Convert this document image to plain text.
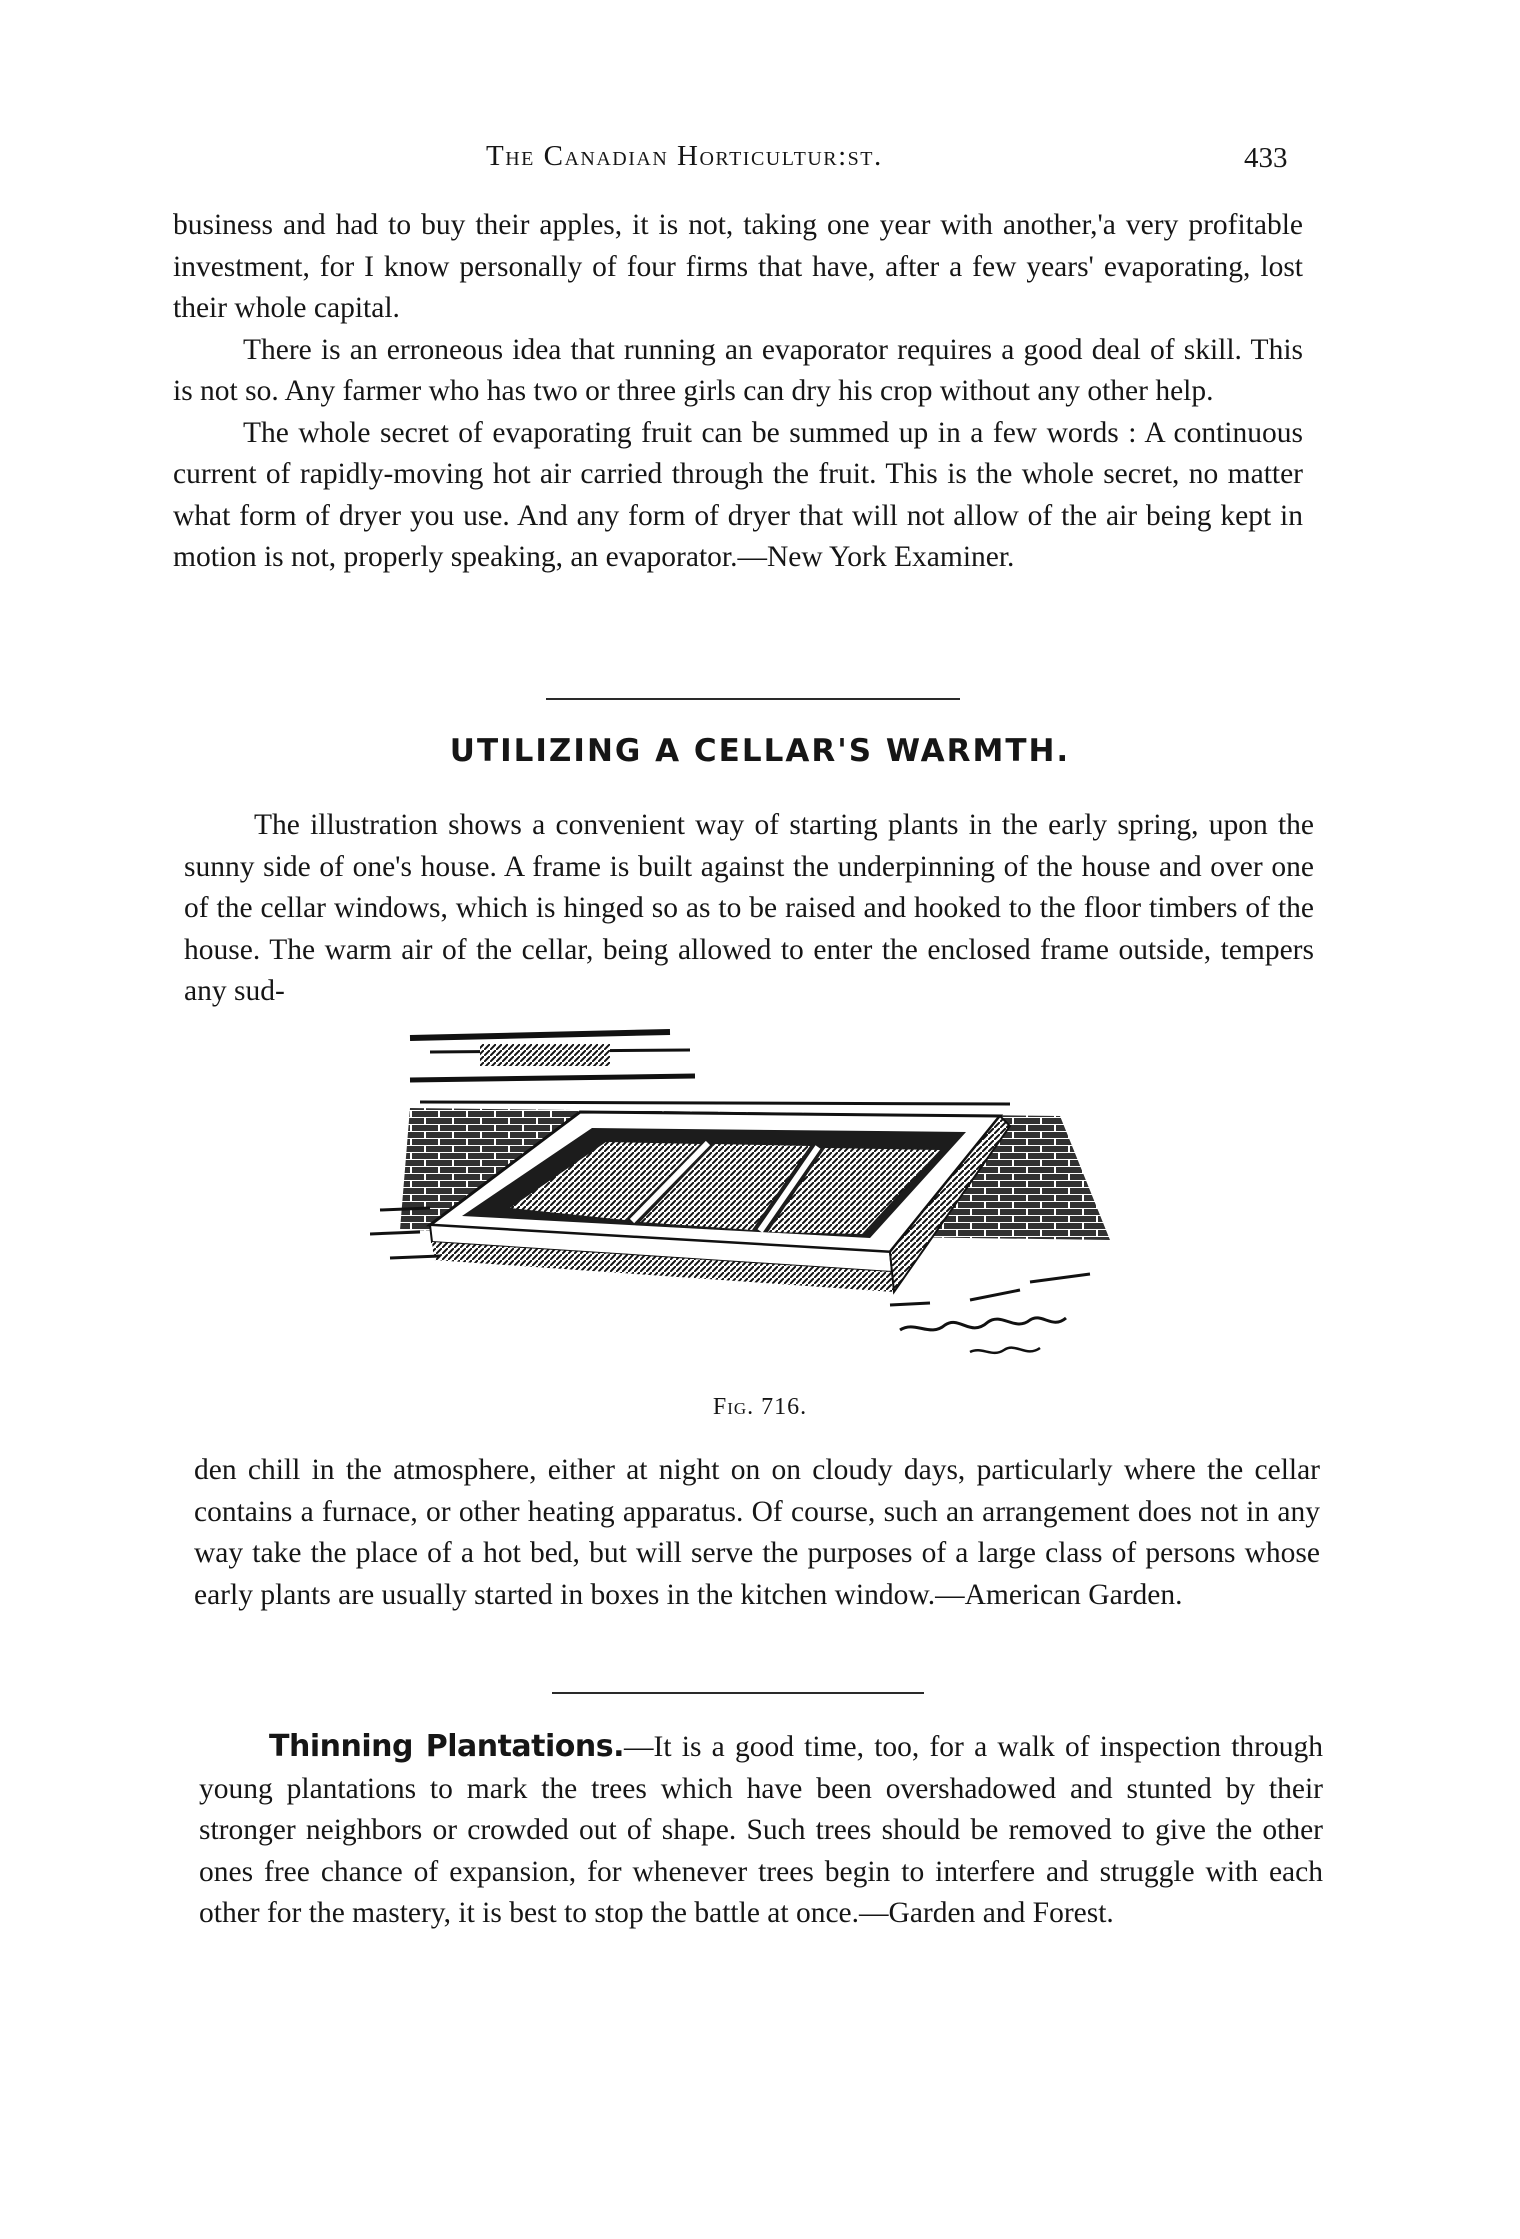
The Canadian Horticultur:st.	433

business and had to buy their apples, it is not, taking one year with another,'a very profitable investment, for I know personally of four firms that have, after a few years' evaporating, lost their whole capital.

There is an erroneous idea that running an evaporator requires a good deal of skill. This is not so. Any farmer who has two or three girls can dry his crop without any other help.

The whole secret of evaporating fruit can be summed up in a few words : A continuous current of rapidly-moving hot air carried through the fruit. This is the whole secret, no matter what form of dryer you use. And any form of dryer that will not allow of the air being kept in motion is not, properly speaking, an evaporator.—New York Examiner.

UTILIZING A CELLAR'S WARMTH.

The illustration shows a convenient way of starting plants in the early spring, upon the sunny side of one's house. A frame is built against the underpinning of the house and over one of the cellar windows, which is hinged so as to be raised and hooked to the floor timbers of the house. The warm air of the cellar, being allowed to enter the enclosed frame outside, tempers any sud-

Fig. 716.

den chill in the atmosphere, either at night on on cloudy days, particularly where the cellar contains a furnace, or other heating apparatus. Of course, such an arrangement does not in any way take the place of a hot bed, but will serve the purposes of a large class of persons whose early plants are usually started in boxes in the kitchen window.—American Garden.

Thinning Plantations.—It is a good time, too, for a walk of inspection through young plantations to mark the trees which have been overshadowed and stunted by their stronger neighbors or crowded out of shape. Such trees should be removed to give the other ones free chance of expansion, for whenever trees begin to interfere and struggle with each other for the mastery, it is best to stop the battle at once.—Garden and Forest.
